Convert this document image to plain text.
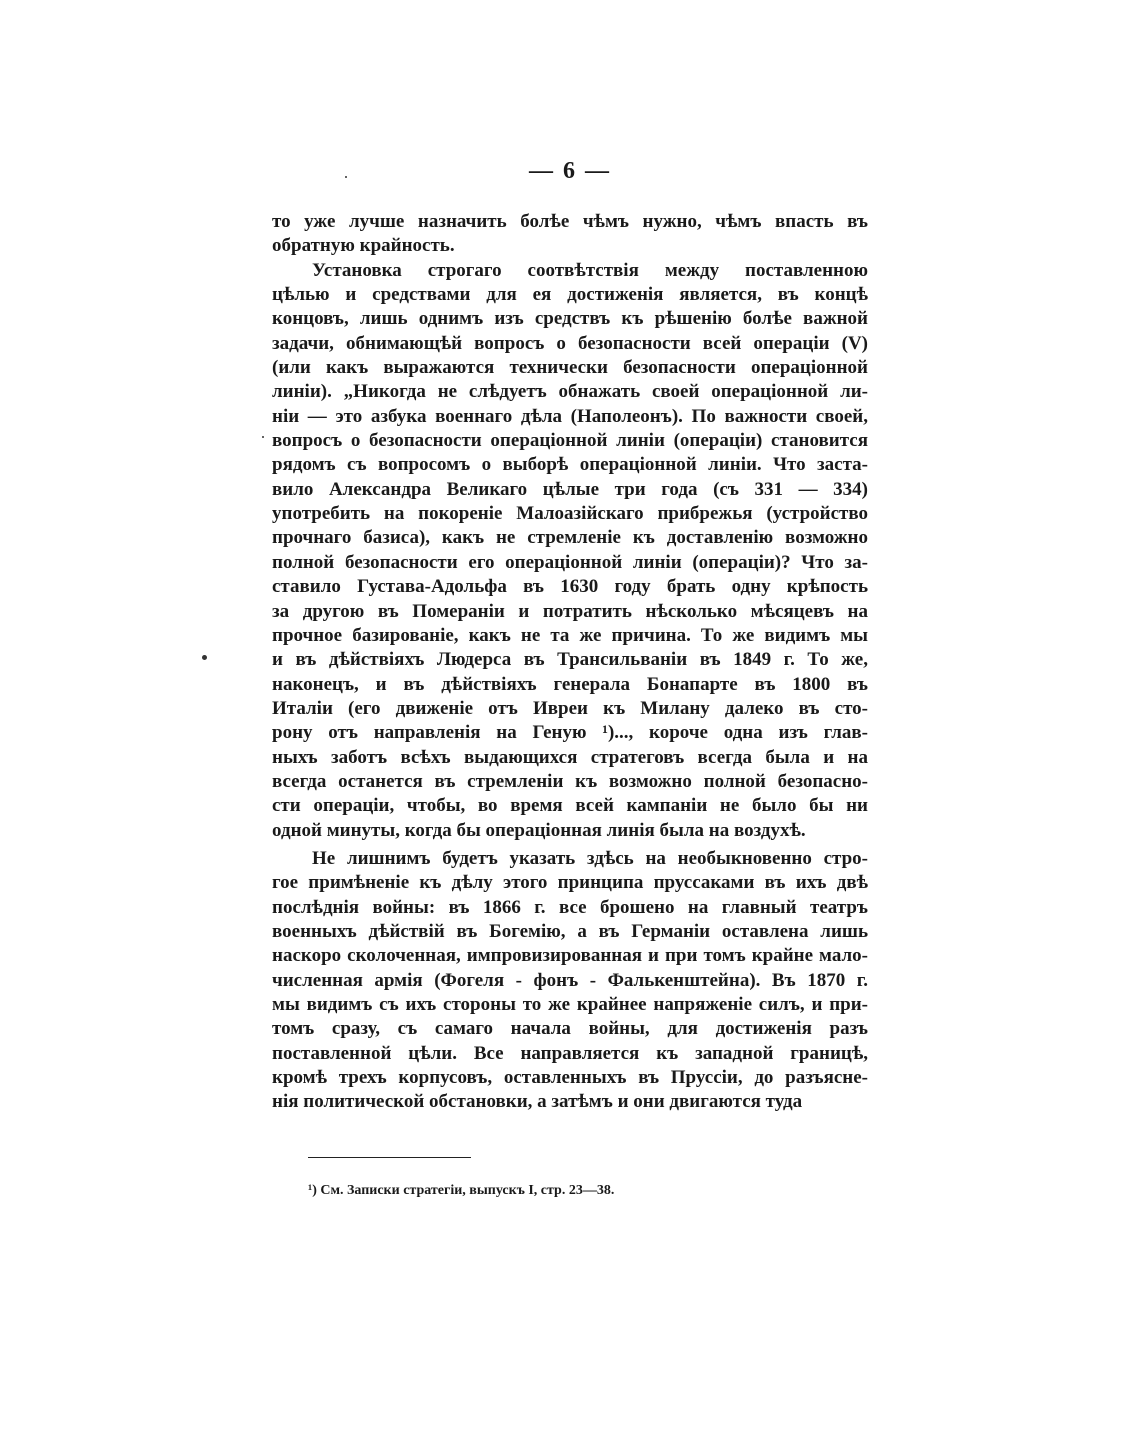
— 6 —
то уже лучше назначить болѣе чѣмъ нужно, чѣмъ впасть въ
обратную крайность.
Установка строгаго соотвѣтствія между поставленною
цѣлью и средствами для ея достиженія является, въ концѣ
концовъ, лишь однимъ изъ средствъ къ рѣшенію болѣе важной
задачи, обнимающѣй вопросъ о безопасности всей операціи (V)
(или какъ выражаются технически безопасности операціонной
линіи). „Никогда не слѣдуетъ обнажать своей операціонной ли-
ніи — это азбука военнаго дѣла (Наполеонъ). По важности своей,
вопросъ о безопасности операціонной линіи (операціи) становится
рядомъ съ вопросомъ о выборѣ операціонной линіи. Что заста-
вило Александра Великаго цѣлые три года (съ 331 — 334)
употребить на покореніе Малоазійскаго прибрежья (устройство
прочнаго базиса), какъ не стремленіе къ доставленію возможно
полной безопасности его операціонной линіи (операціи)? Что за-
ставило Густава-Адольфа въ 1630 году брать одну крѣпость
за другою въ Помераніи и потратить нѣсколько мѣсяцевъ на
прочное базированіе, какъ не та же причина. То же видимъ мы
и въ дѣйствіяхъ Людерса въ Трансильваніи въ 1849 г. То же,
наконецъ, и въ дѣйствіяхъ генерала Бонапарте въ 1800 въ
Италіи (его движеніе отъ Ивреи къ Милану далеко въ сто-
рону отъ направленія на Геную ¹)..., короче одна изъ глав-
ныхъ заботъ всѣхъ выдающихся стратеговъ всегда была и на
всегда останется въ стремленіи къ возможно полной безопасно-
сти операціи, чтобы, во время всей кампаніи не было бы ни
одной минуты, когда бы операціонная линія была на воздухѣ.
Не лишнимъ будетъ указать здѣсь на необыкновенно стро-
гое примѣненіе къ дѣлу этого принципа пруссаками въ ихъ двѣ
послѣднія войны: въ 1866 г. все брошено на главный театръ
военныхъ дѣйствій въ Богемію, а въ Германіи оставлена лишь
наскоро сколоченная, импровизированная и при томъ крайне мало-
численная армія (Фогеля - фонъ - Фалькенштейна). Въ 1870 г.
мы видимъ съ ихъ стороны то же крайнее напряженіе силъ, и при-
томъ сразу, съ самаго начала войны, для достиженія разъ
поставленной цѣли. Все направляется къ западной границѣ,
кромѣ трехъ корпусовъ, оставленныхъ въ Пруссіи, до разъясне-
нія политической обстановки, а затѣмъ и они двигаются туда
¹) См. Записки стратегіи, выпускъ I, стр. 23—38.
